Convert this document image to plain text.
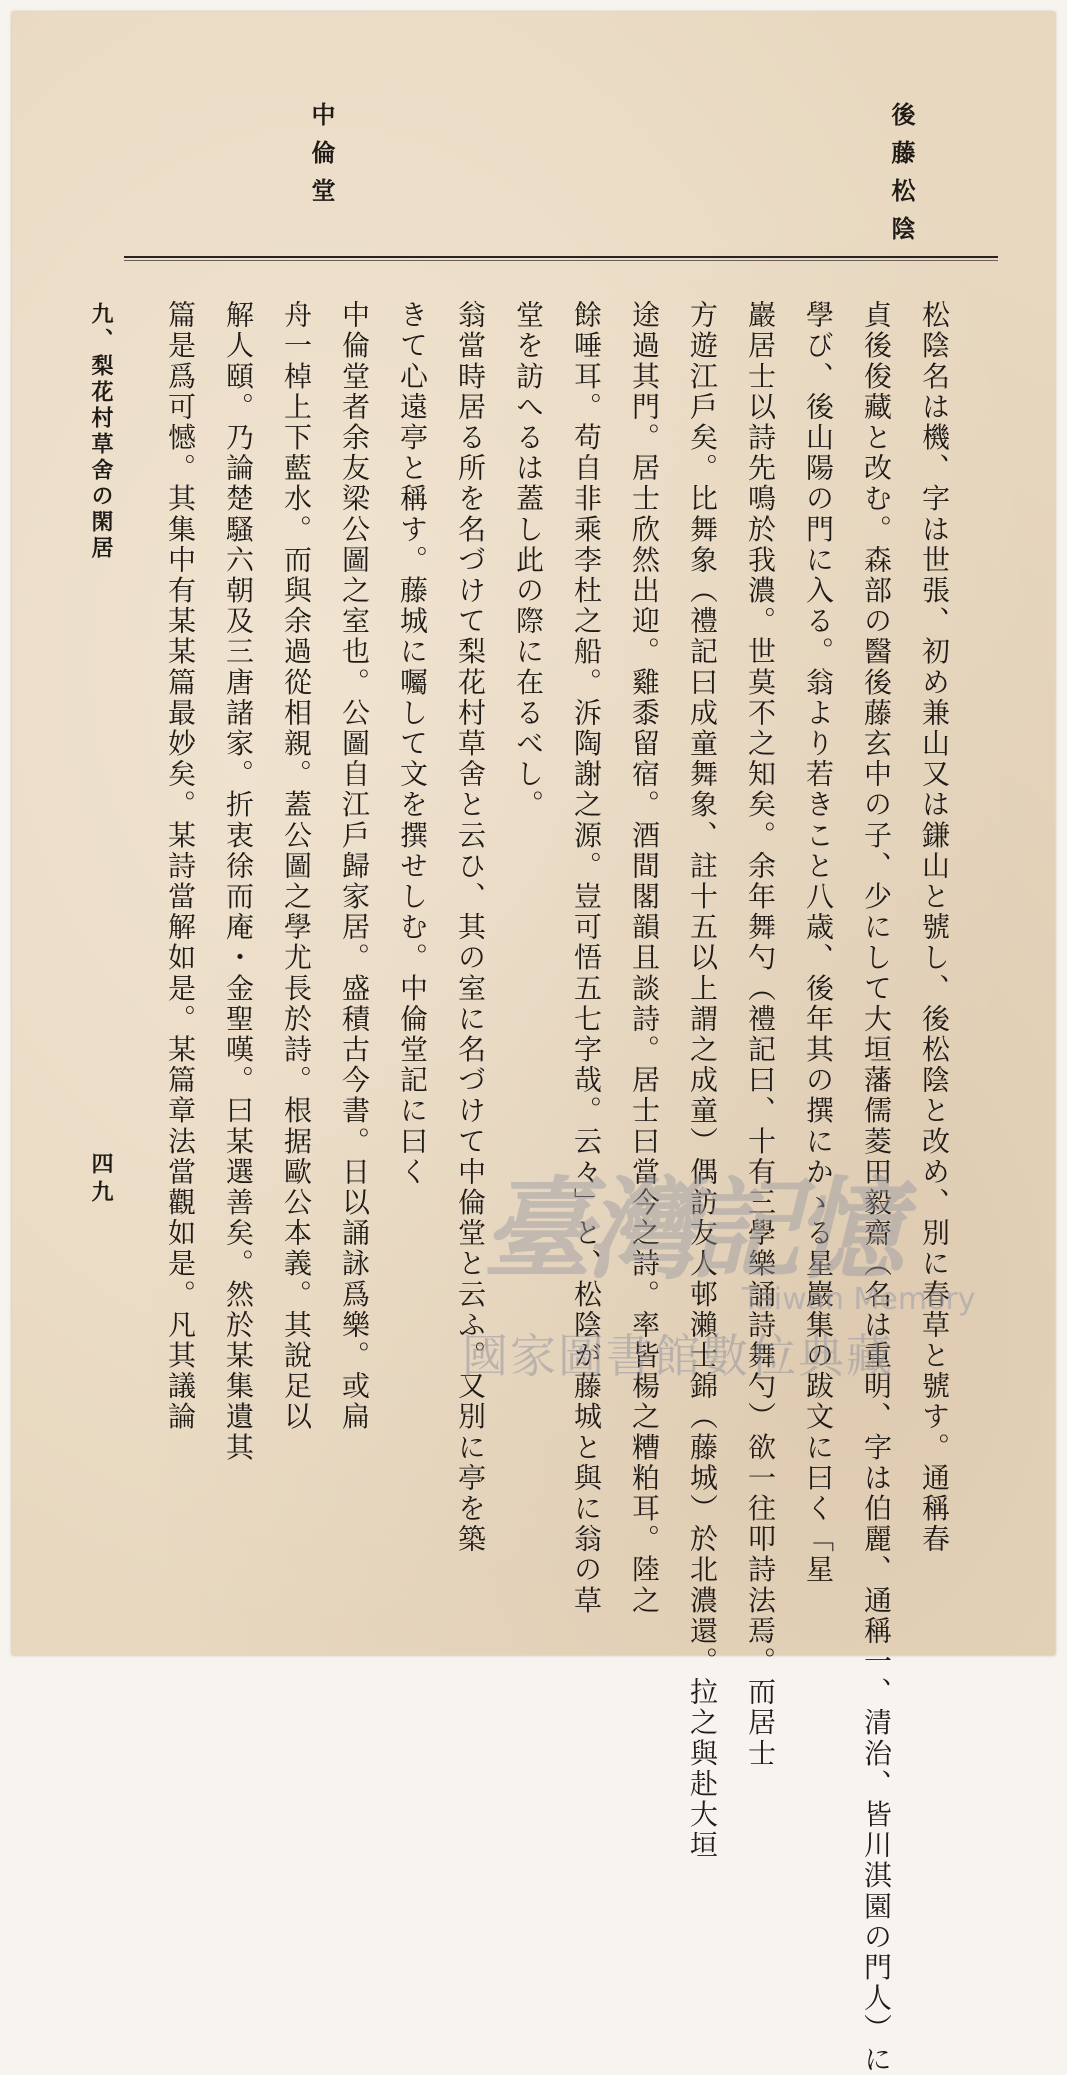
後藤松陰
中倫堂
松陰名は機、字は世張、初め兼山又は鎌山と號し、後松陰と改め、別に春草と號す。通稱春
貞後俊藏と改む。森部の醫後藤玄中の子、少にして大垣藩儒菱田毅齋（名は重明、字は伯麗、通稱一、清治、皆川淇園の門人）に
學び、後山陽の門に入る。翁より若きこと八歳、後年其の撰にかゝる星巖集の跋文に曰く「星
巖居士以詩先鳴於我濃。世莫不之知矣。余年舞勺（禮記曰、十有三學樂誦詩舞勺）欲一往叩詩法焉。而居士
方遊江戶矣。比舞象（禮記曰成童舞象、註十五以上謂之成童）偶訪友人邨瀨士錦（藤城）於北濃還。拉之與赴大垣
途過其門。居士欣然出迎。雞黍留宿。酒間閣韻且談詩。居士曰當今之詩。率皆楊之糟粕耳。陸之
餘唾耳。苟自非乘李杜之船。泝陶謝之源。豈可悟五七字哉。云々」と、松陰が藤城と與に翁の草
堂を訪へるは蓋し此の際に在るべし。
翁當時居る所を名づけて梨花村草舍と云ひ、其の室に名づけて中倫堂と云ふ。又別に亭を築
きて心遠亭と稱す。藤城に囑して文を撰せしむ。中倫堂記に曰く
中倫堂者余友梁公圖之室也。公圖自江戶歸家居。盛積古今書。日以誦詠爲樂。或扁
舟一棹上下藍水。而與余過從相親。蓋公圖之學尤長於詩。根据歐公本義。其說足以
解人頤。乃論楚騷六朝及三唐諸家。折衷徐而庵・金聖嘆。曰某選善矣。然於某集遺其
篇是爲可憾。其集中有某某篇最妙矣。某詩當解如是。某篇章法當觀如是。凡其議論
九、梨花村草舍の閑居
四九	臺灣記憶
Taiwan Memory
國家圖書館數位典藏
